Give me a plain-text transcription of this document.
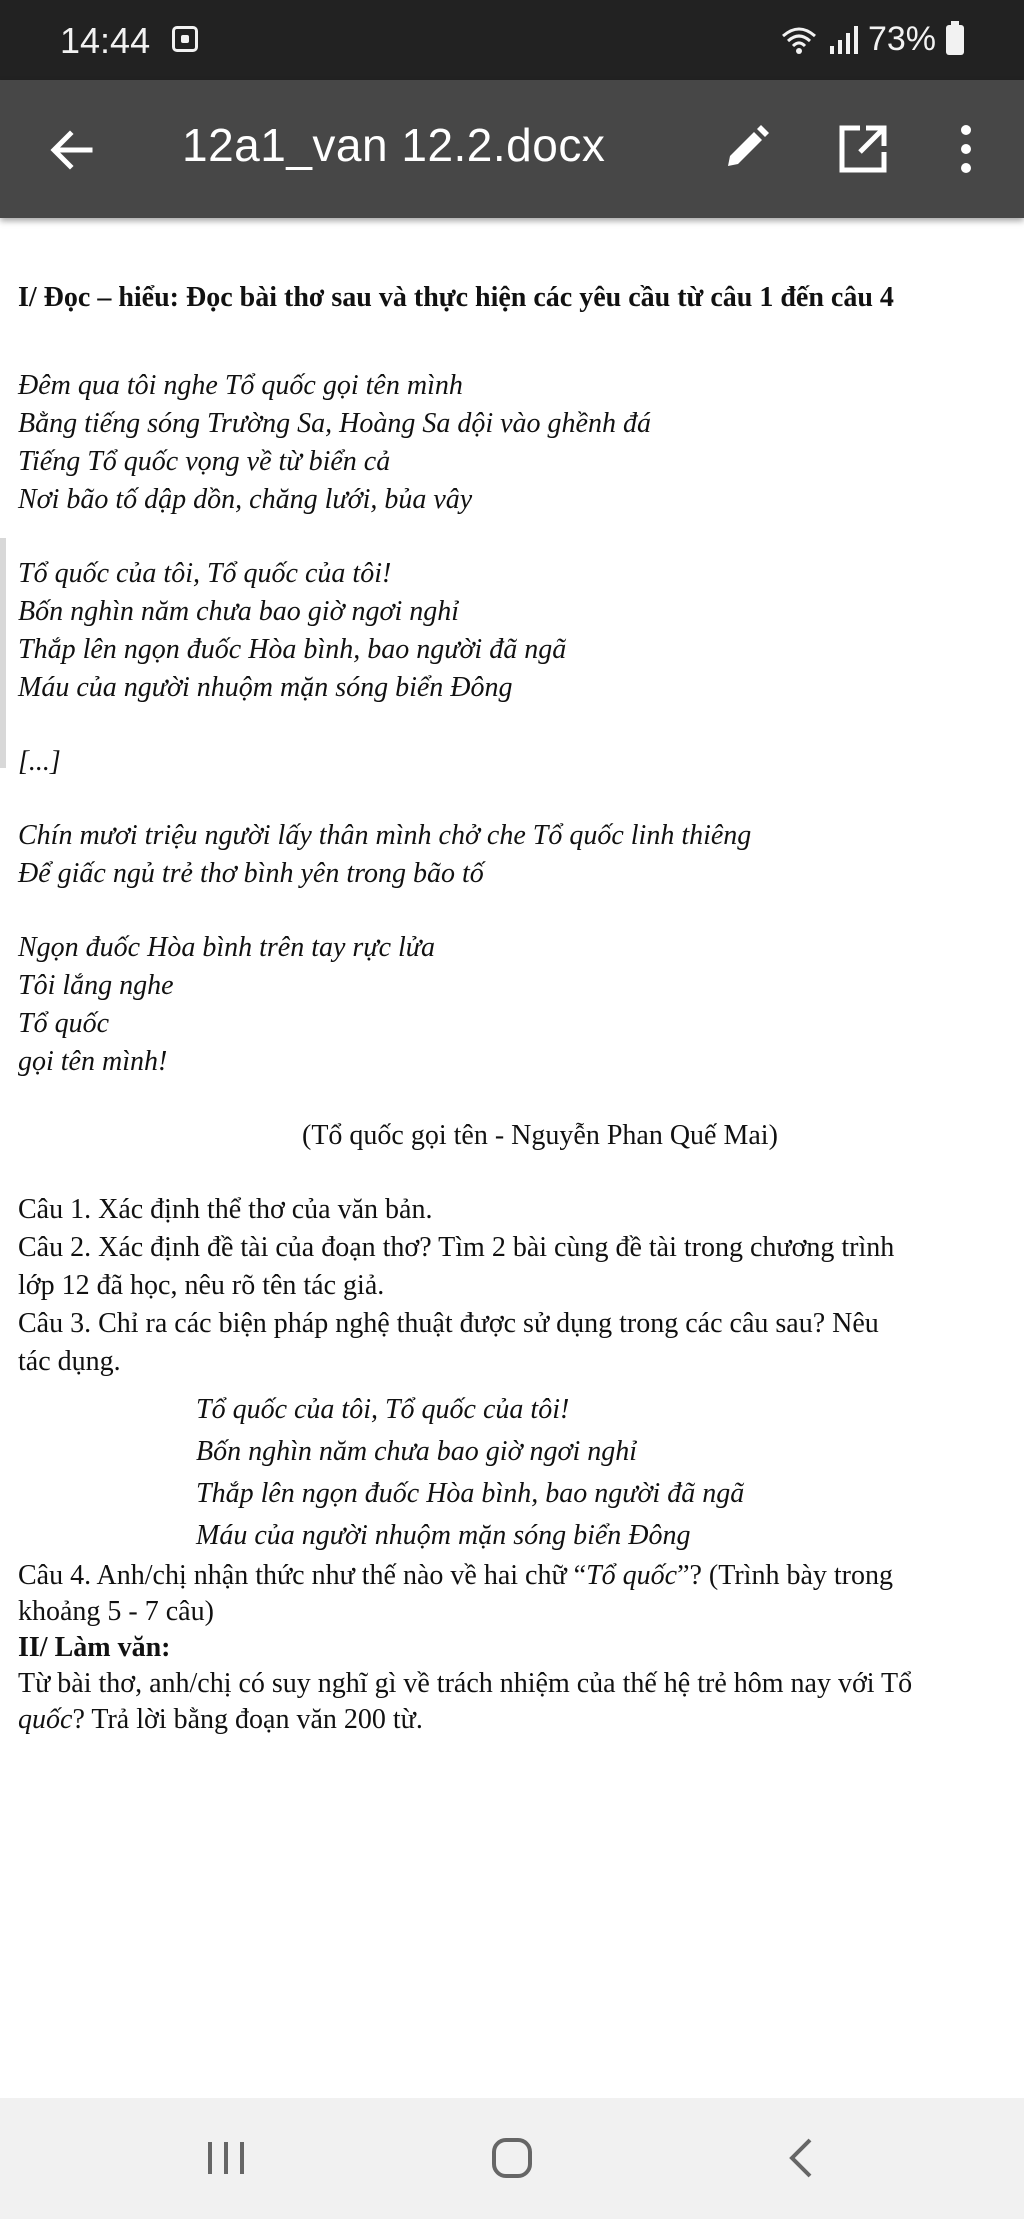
14:44	73%
12a1_van 12.2.docx
I/ Đọc – hiểu: Đọc bài thơ sau và thực hiện các yêu cầu từ câu 1 đến câu 4
Đêm qua tôi nghe Tổ quốc gọi tên mình
Bằng tiếng sóng Trường Sa, Hoàng Sa dội vào ghềnh đá
Tiếng Tổ quốc vọng về từ biển cả
Nơi bão tố dập dồn, chăng lưới, bủa vây
Tổ quốc của tôi, Tổ quốc của tôi!
Bốn nghìn năm chưa bao giờ ngơi nghỉ
Thắp lên ngọn đuốc Hòa bình, bao người đã ngã
Máu của người nhuộm mặn sóng biển Đông
[...]
Chín mươi triệu người lấy thân mình chở che Tổ quốc linh thiêng
Để giấc ngủ trẻ thơ bình yên trong bão tố
Ngọn đuốc Hòa bình trên tay rực lửa
Tôi lắng nghe
Tổ quốc
gọi tên mình!
(Tổ quốc gọi tên - Nguyễn Phan Quế Mai)
Câu 1. Xác định thể thơ của văn bản.
Câu 2. Xác định đề tài của đoạn thơ? Tìm 2 bài cùng đề tài trong chương trình
lớp 12 đã học, nêu rõ tên tác giả.
Câu 3. Chỉ ra các biện pháp nghệ thuật được sử dụng trong các câu sau? Nêu
tác dụng.
Tổ quốc của tôi, Tổ quốc của tôi!
Bốn nghìn năm chưa bao giờ ngơi nghỉ
Thắp lên ngọn đuốc Hòa bình, bao người đã ngã
Máu của người nhuộm mặn sóng biển Đông
Câu 4. Anh/chị nhận thức như thế nào về hai chữ “Tổ quốc”? (Trình bày trong
khoảng 5 - 7 câu)
II/ Làm văn:
Từ bài thơ, anh/chị có suy nghĩ gì về trách nhiệm của thế hệ trẻ hôm nay với Tổ
quốc? Trả lời bằng đoạn văn 200 từ.
